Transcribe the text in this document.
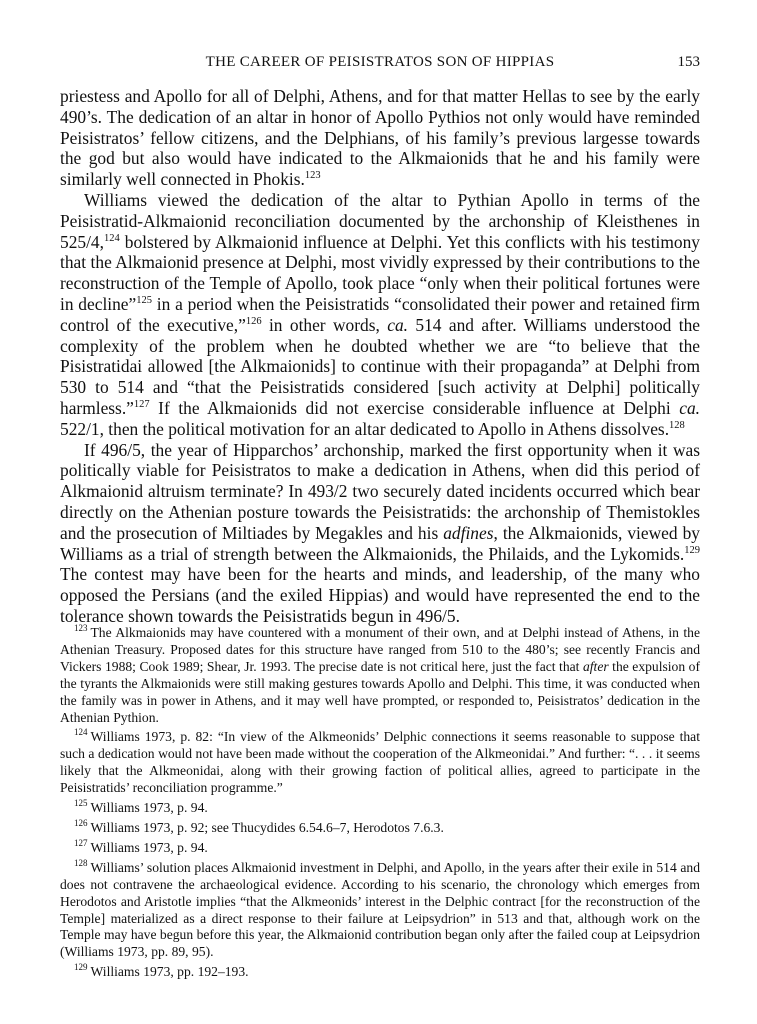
THE CAREER OF PEISISTRATOS SON OF HIPPIAS	153

priestess and Apollo for all of Delphi, Athens, and for that matter Hellas to see by the early 490’s. The dedication of an altar in honor of Apollo Pythios not only would have reminded Peisistratos’ fellow citizens, and the Delphians, of his family’s previous largesse towards the god but also would have indicated to the Alkmaionids that he and his family were similarly well connected in Phokis.$^{123}$

Williams viewed the dedication of the altar to Pythian Apollo in terms of the Peisistratid-Alkmaionid reconciliation documented by the archonship of Kleisthenes in 525/4,$^{124}$ bolstered by Alkmaionid influence at Delphi. Yet this conflicts with his testimony that the Alkmaionid presence at Delphi, most vividly expressed by their contributions to the reconstruction of the Temple of Apollo, took place “only when their political fortunes were in decline”$^{125}$ in a period when the Peisistratids “consolidated their power and retained firm control of the executive,”$^{126}$ in other words, ca. 514 and after. Williams understood the complexity of the problem when he doubted whether we are “to believe that the Pisistratidai allowed [the Alkmaionids] to continue with their propaganda” at Delphi from 530 to 514 and “that the Peisistratids considered [such activity at Delphi] politically harmless.”$^{127}$ If the Alkmaionids did not exercise considerable influence at Delphi ca. 522/1, then the political motivation for an altar dedicated to Apollo in Athens dissolves.$^{128}$

If 496/5, the year of Hipparchos’ archonship, marked the first opportunity when it was politically viable for Peisistratos to make a dedication in Athens, when did this period of Alkmaionid altruism terminate? In 493/2 two securely dated incidents occurred which bear directly on the Athenian posture towards the Peisistratids: the archonship of Themistokles and the prosecution of Miltiades by Megakles and his adfines, the Alkmaionids, viewed by Williams as a trial of strength between the Alkmaionids, the Philaids, and the Lykomids.$^{129}$ The contest may have been for the hearts and minds, and leadership, of the many who opposed the Persians (and the exiled Hippias) and would have represented the end to the tolerance shown towards the Peisistratids begun in 496/5.

$^{123}$ The Alkmaionids may have countered with a monument of their own, and at Delphi instead of Athens, in the Athenian Treasury. Proposed dates for this structure have ranged from 510 to the 480’s; see recently Francis and Vickers 1988; Cook 1989; Shear, Jr. 1993. The precise date is not critical here, just the fact that after the expulsion of the tyrants the Alkmaionids were still making gestures towards Apollo and Delphi. This time, it was conducted when the family was in power in Athens, and it may well have prompted, or responded to, Peisistratos’ dedication in the Athenian Pythion.

$^{124}$ Williams 1973, p. 82: “In view of the Alkmeonids’ Delphic connections it seems reasonable to suppose that such a dedication would not have been made without the cooperation of the Alkmeonidai.” And further: “. . . it seems likely that the Alkmeonidai, along with their growing faction of political allies, agreed to participate in the Peisistratids’ reconciliation programme.”

$^{125}$ Williams 1973, p. 94.

$^{126}$ Williams 1973, p. 92; see Thucydides 6.54.6–7, Herodotos 7.6.3.

$^{127}$ Williams 1973, p. 94.

$^{128}$ Williams’ solution places Alkmaionid investment in Delphi, and Apollo, in the years after their exile in 514 and does not contravene the archaeological evidence. According to his scenario, the chronology which emerges from Herodotos and Aristotle implies “that the Alkmeonids’ interest in the Delphic contract [for the reconstruction of the Temple] materialized as a direct response to their failure at Leipsydrion” in 513 and that, although work on the Temple may have begun before this year, the Alkmaionid contribution began only after the failed coup at Leipsydrion (Williams 1973, pp. 89, 95).

$^{129}$ Williams 1973, pp. 192–193.
